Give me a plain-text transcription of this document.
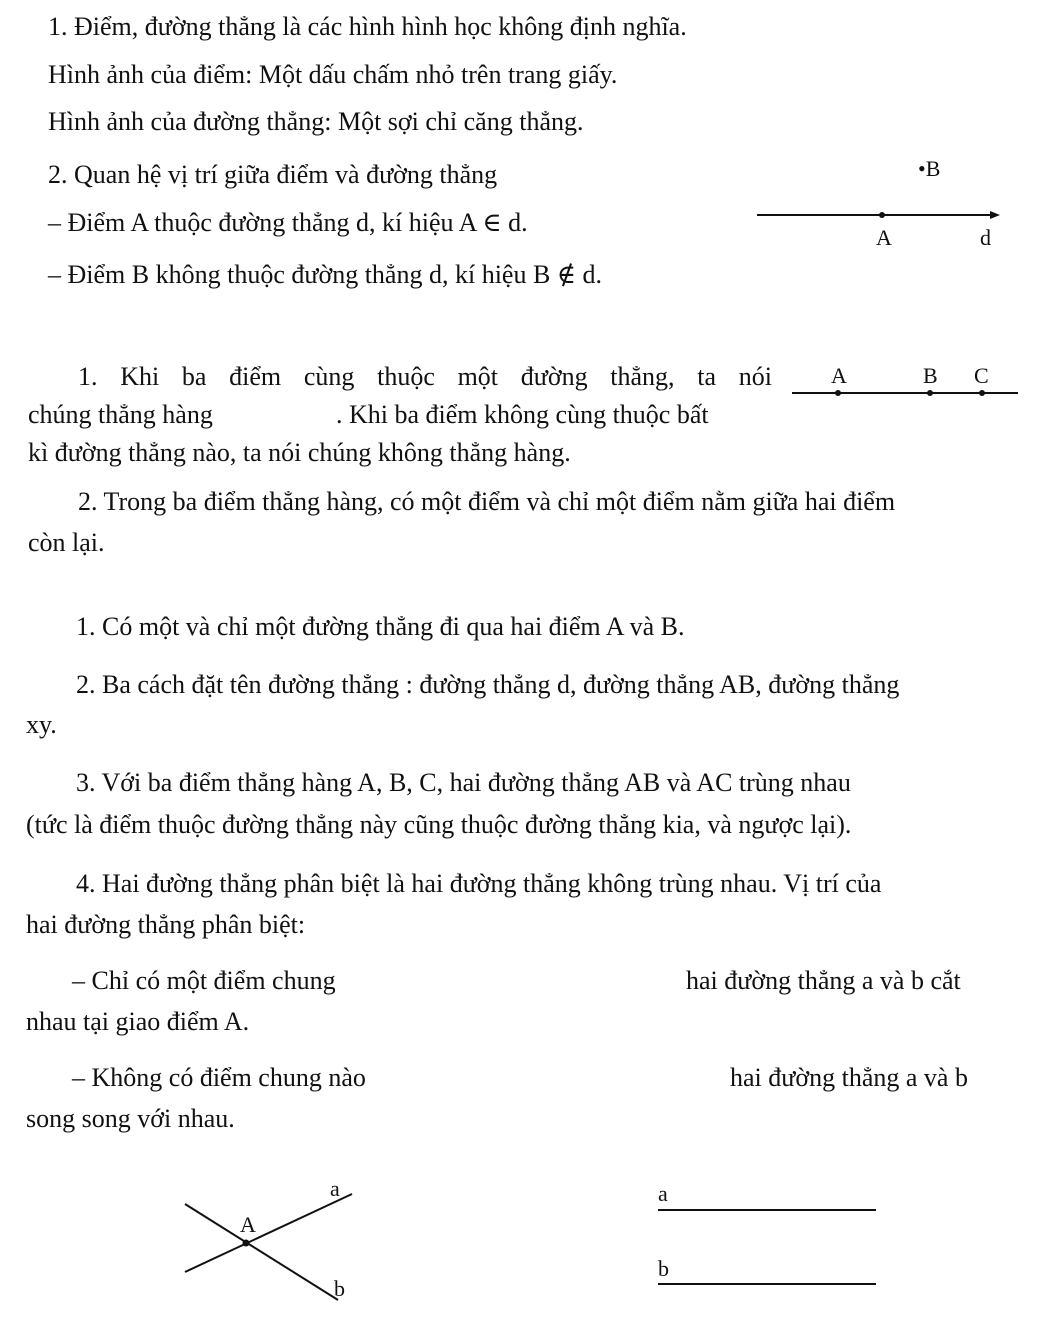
1. Điểm, đường thẳng là các hình hình học không định nghĩa.
Hình ảnh của điểm: Một dấu chấm nhỏ trên trang giấy.
Hình ảnh của đường thẳng: Một sợi chỉ căng thẳng.
2. Quan hệ vị trí giữa điểm và đường thẳng
– Điểm A thuộc đường thẳng d, kí hiệu A ∈ d.
– Điểm B không thuộc đường thẳng d, kí hiệu B ∉ d.
1. Khi ba điểm cùng thuộc một đường thẳng, ta nói
chúng thẳng hàng	. Khi ba điểm không cùng thuộc bất
kì đường thẳng nào, ta nói chúng không thẳng hàng.
2. Trong ba điểm thẳng hàng, có một điểm và chỉ một điểm nằm giữa hai điểm
còn lại.
1. Có một và chỉ một đường thẳng đi qua hai điểm A và B.
2. Ba cách đặt tên đường thẳng : đường thẳng d, đường thẳng AB, đường thẳng
xy.
3. Với ba điểm thẳng hàng A, B, C, hai đường thẳng AB và AC trùng nhau
(tức là điểm thuộc đường thẳng này cũng thuộc đường thẳng kia, và ngược lại).
4. Hai đường thẳng phân biệt là hai đường thẳng không trùng nhau. Vị trí của
hai đường thẳng phân biệt:
– Chỉ có một điểm chung	hai đường thẳng a và b cắt
nhau tại giao điểm A.
– Không có điểm chung nào	hai đường thẳng a và b
song song với nhau.
•B
A	d
A	B C
a
A
b
a
b
